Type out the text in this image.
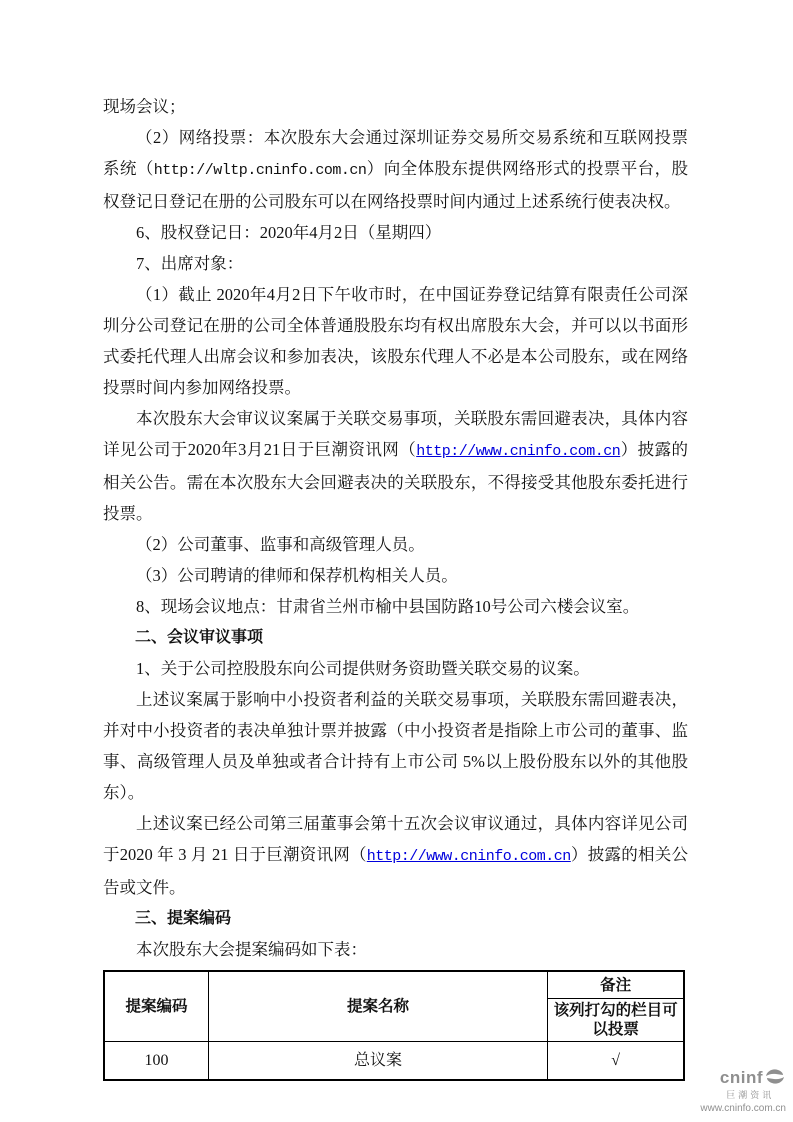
现场会议；

（2）网络投票：本次股东大会通过深圳证券交易所交易系统和互联网投票系统（http://wltp.cninfo.com.cn）向全体股东提供网络形式的投票平台，股权登记日登记在册的公司股东可以在网络投票时间内通过上述系统行使表决权。

6、股权登记日：2020年4月2日（星期四）

7、出席对象：

（1）截止 2020年4月2日下午收市时，在中国证券登记结算有限责任公司深圳分公司登记在册的公司全体普通股股东均有权出席股东大会，并可以以书面形式委托代理人出席会议和参加表决，该股东代理人不必是本公司股东，或在网络投票时间内参加网络投票。

本次股东大会审议议案属于关联交易事项，关联股东需回避表决，具体内容详见公司于2020年3月21日于巨潮资讯网（http://www.cninfo.com.cn）披露的相关公告。需在本次股东大会回避表决的关联股东，不得接受其他股东委托进行投票。

（2）公司董事、监事和高级管理人员。

（3）公司聘请的律师和保荐机构相关人员。

8、现场会议地点：甘肃省兰州市榆中县国防路10号公司六楼会议室。

二、会议审议事项

1、关于公司控股股东向公司提供财务资助暨关联交易的议案。

上述议案属于影响中小投资者利益的关联交易事项，关联股东需回避表决，并对中小投资者的表决单独计票并披露（中小投资者是指除上市公司的董事、监事、高级管理人员及单独或者合计持有上市公司 5%以上股份股东以外的其他股东）。

上述议案已经公司第三届董事会第十五次会议审议通过，具体内容详见公司于2020 年 3 月 21 日于巨潮资讯网（http://www.cninfo.com.cn）披露的相关公告或文件。

三、提案编码

本次股东大会提案编码如下表：

提案编码	提案名称	备注
		该列打勾的栏目可以投票
100	总议案	√
cninf
巨潮资讯
www.cninfo.com.cn
